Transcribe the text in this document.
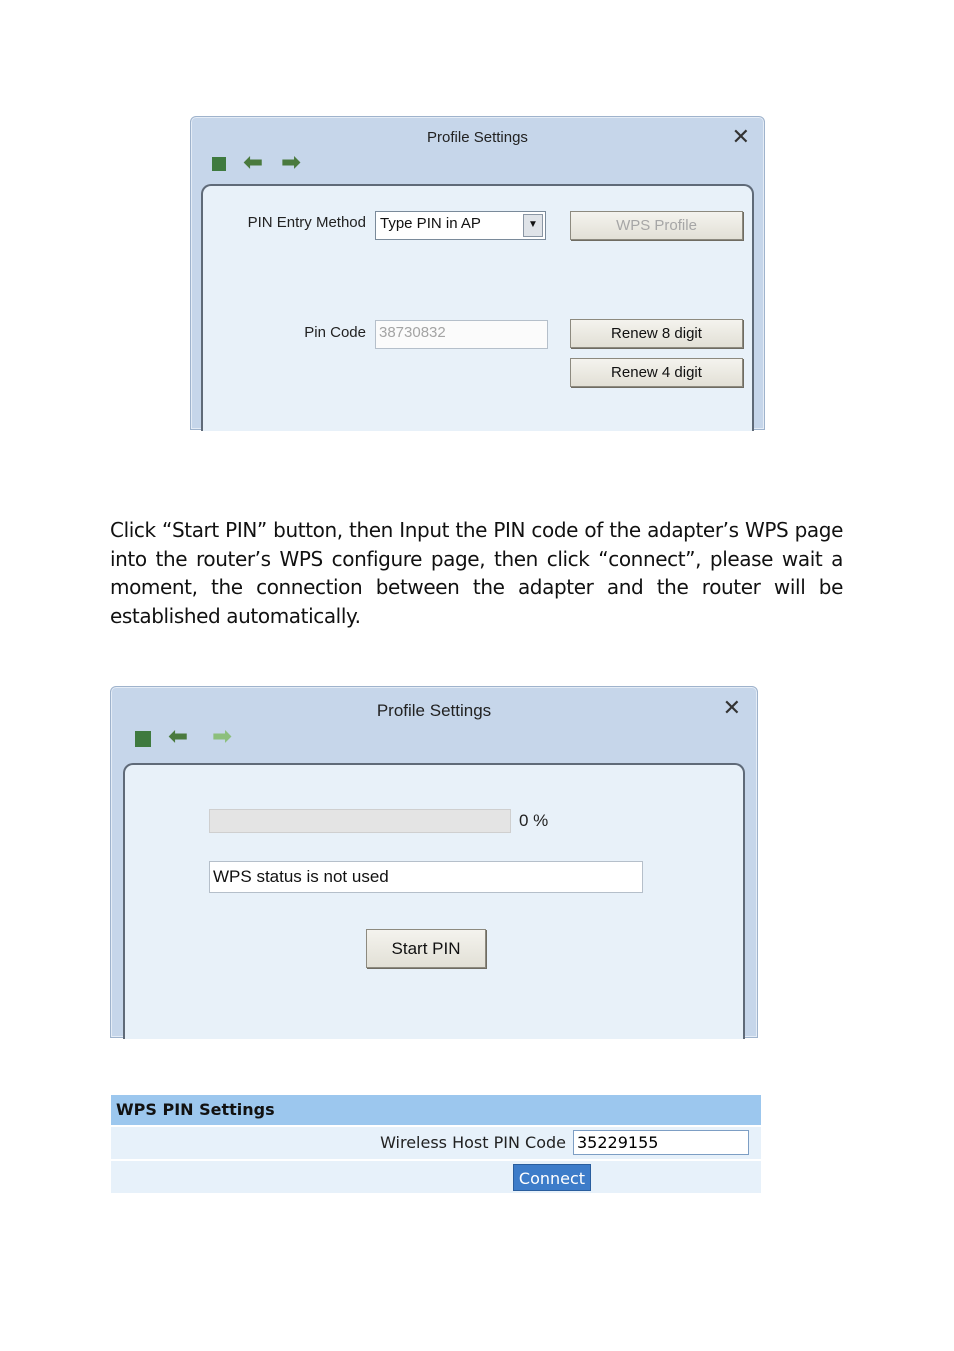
Profile Settings	✕
⬅ ➡
PIN Entry Method Type PIN in AP	▼	WPS Profile
Pin Code 38730832	Renew 8 digit
Renew 4 digit
Click “Start PIN” button, then Input the PIN code of the adapter’s WPS page into the router’s WPS configure page, then click “connect”, please wait a moment, the connection between the adapter and the router will be established automatically.
Profile Settings	✕
⬅ ➡
0 %
WPS status is not used
Start PIN
WPS PIN Settings
Wireless Host PIN Code 35229155
Connect
